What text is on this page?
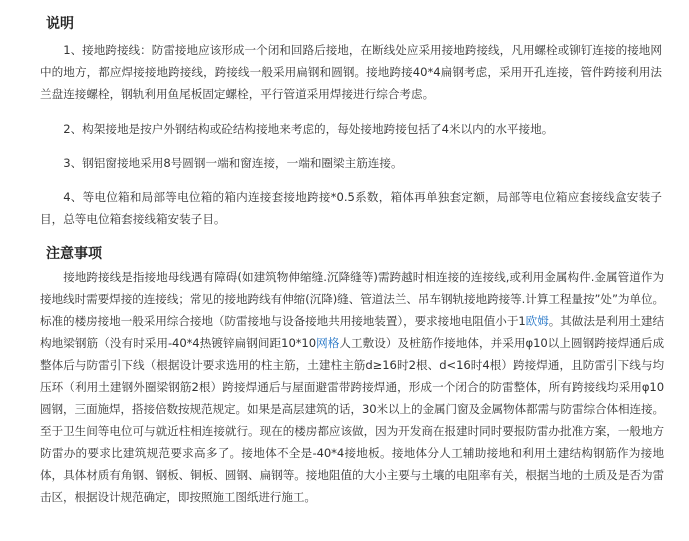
说明

1、接地跨接线：防雷接地应该形成一个闭和回路后接地，在断线处应采用接地跨接线，凡用螺栓或铆钉连接的接地网中的地方，都应焊接接地跨接线，跨接线一般采用扁钢和圆钢。接地跨接40*4扁钢考虑，采用开孔连接，管件跨接利用法兰盘连接螺栓，钢轨利用鱼尾板固定螺栓，平行管道采用焊接进行综合考虑。

2、构架接地是按户外钢结构或砼结构接地来考虑的，每处接地跨接包括了4米以内的水平接地。

3、钢铝窗接地采用8号圆钢一端和窗连接，一端和圈梁主筋连接。

4、等电位箱和局部等电位箱的箱内连接套接地跨接*0.5系数，箱体再单独套定额，局部等电位箱应套接线盒安装子目，总等电位箱套接线箱安装子目。

注意事项

接地跨接线是指接地母线遇有障碍(如建筑物伸缩缝.沉降缝等)需跨越时相连接的连接线,或利用金属构件.金属管道作为接地线时需要焊接的连接线；常见的接地跨线有伸缩(沉降)缝、管道法兰、吊车钢轨接地跨接等.计算工程量按”处”为单位。标准的楼房接地一般采用综合接地（防雷接地与设备接地共用接地装置），要求接地电阻值小于1欧姆。其做法是利用土建结构地梁钢筋（没有时采用-40*4热镀锌扁钢间距10*10网格人工敷设）及桩筋作接地体，并采用φ10以上圆钢跨接焊通后成整体后与防雷引下线（根据设计要求选用的柱主筋，土建柱主筋d≥16时2根、d<16时4根）跨接焊通，且防雷引下线与均压环（利用土建钢外圈梁钢筋2根）跨接焊通后与屋面避雷带跨接焊通，形成一个闭合的防雷整体，所有跨接线均采用φ10圆钢，三面施焊，搭接倍数按规范规定。如果是高层建筑的话，30米以上的金属门窗及金属物体都需与防雷综合体相连接。至于卫生间等电位可与就近柱相连接就行。现在的楼房都应该做，因为开发商在报建时同时要报防雷办批准方案，一般地方防雷办的要求比建筑规范要求高多了。接地体不全是-40*4接地板。接地体分人工辅助接地和利用土建结构钢筋作为接地体，具体材质有角钢、钢板、铜板、圆钢、扁钢等。接地阻值的大小主要与土壤的电阻率有关，根据当地的土质及是否为雷击区，根据设计规范确定，即按照施工图纸进行施工。
